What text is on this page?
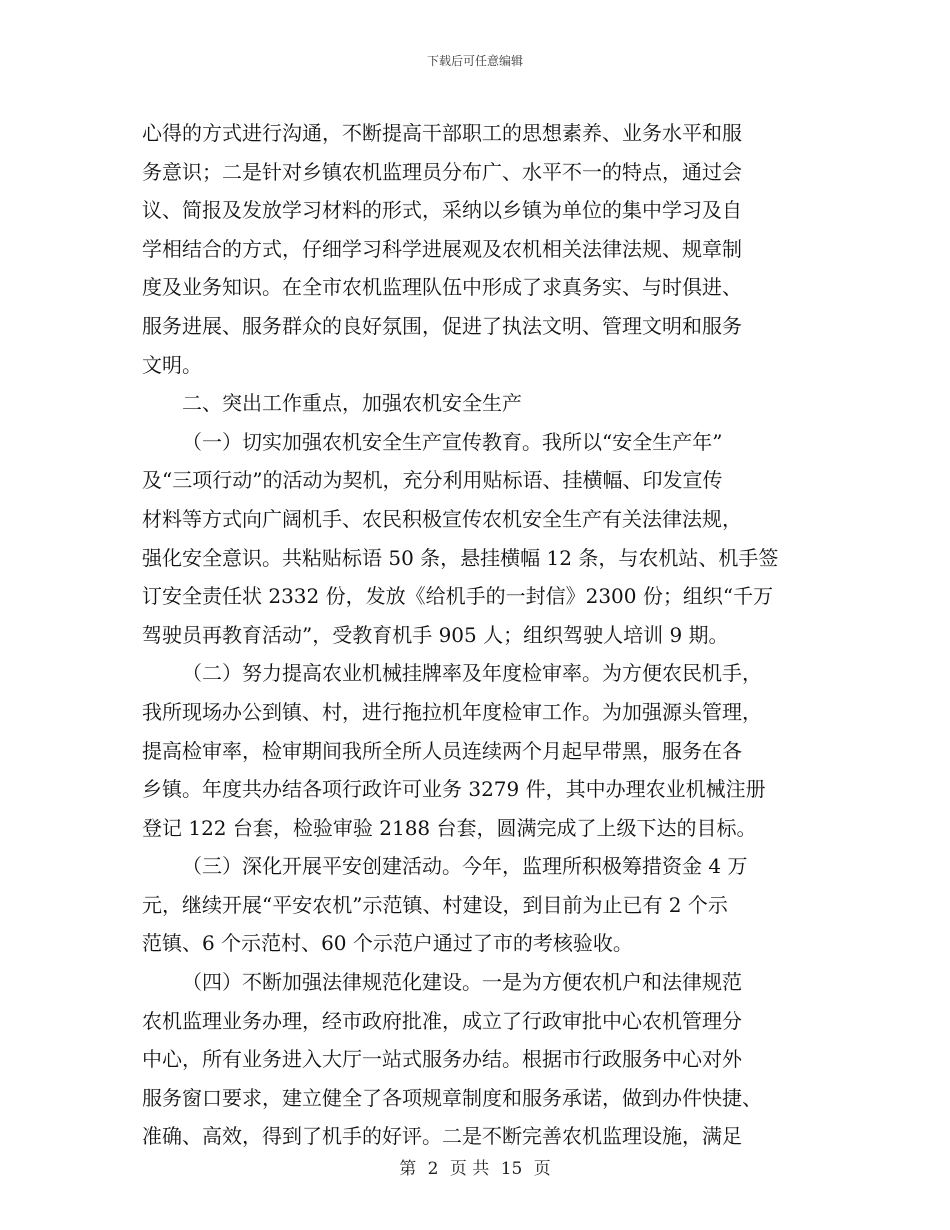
下载后可任意编辑
心得的方式进行沟通，不断提高干部职工的思想素养、业务水平和服
务意识；二是针对乡镇农机监理员分布广、水平不一的特点，通过会
议、简报及发放学习材料的形式，采纳以乡镇为单位的集中学习及自
学相结合的方式，仔细学习科学进展观及农机相关法律法规、规章制
度及业务知识。在全市农机监理队伍中形成了求真务实、与时俱进、
服务进展、服务群众的良好氛围，促进了执法文明、管理文明和服务
文明。
二、突出工作重点，加强农机安全生产
（一）切实加强农机安全生产宣传教育。我所以“安全生产年”
及“三项行动”的活动为契机，充分利用贴标语、挂横幅、印发宣传
材料等方式向广阔机手、农民积极宣传农机安全生产有关法律法规，
强化安全意识。共粘贴标语 50 条，悬挂横幅 12 条，与农机站、机手签
订安全责任状 2332 份，发放《给机手的一封信》2300 份；组织“千万
驾驶员再教育活动”，受教育机手 905 人；组织驾驶人培训 9 期。
（二）努力提高农业机械挂牌率及年度检审率。为方便农民机手，
我所现场办公到镇、村，进行拖拉机年度检审工作。为加强源头管理，
提高检审率，检审期间我所全所人员连续两个月起早带黑，服务在各
乡镇。年度共办结各项行政许可业务 3279 件，其中办理农业机械注册
登记 122 台套，检验审验 2188 台套，圆满完成了上级下达的目标。
（三）深化开展平安创建活动。今年，监理所积极筹措资金 4 万
元，继续开展“平安农机”示范镇、村建设，到目前为止已有 2 个示
范镇、6 个示范村、60 个示范户通过了市的考核验收。
（四）不断加强法律规范化建设。一是为方便农机户和法律规范
农机监理业务办理，经市政府批准，成立了行政审批中心农机管理分
中心，所有业务进入大厅一站式服务办结。根据市行政服务中心对外
服务窗口要求，建立健全了各项规章制度和服务承诺，做到办件快捷、
准确、高效，得到了机手的好评。二是不断完善农机监理设施，满足
第 2 页 共 15 页
